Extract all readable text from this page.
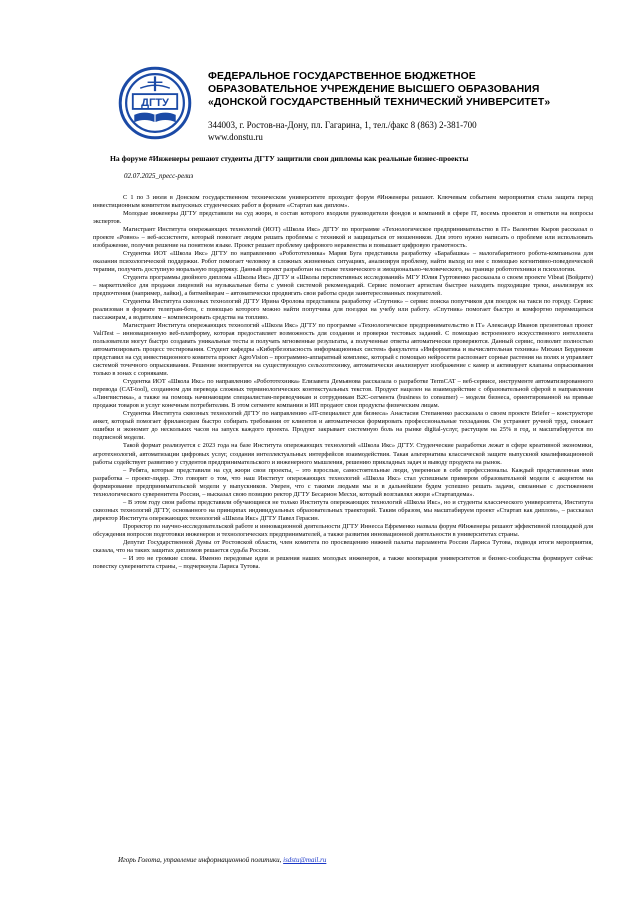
ДГТУ
ФЕДЕРАЛЬНОЕ ГОСУДАРСТВЕННОЕ БЮДЖЕТНОЕ
ОБРАЗОВАТЕЛЬНОЕ УЧРЕЖДЕНИЕ ВЫСШЕГО ОБРАЗОВАНИЯ
«ДОНСКОЙ ГОСУДАРСТВЕННЫЙ ТЕХНИЧЕСКИЙ УНИВЕРСИТЕТ»
344003, г. Ростов-на-Дону, пл. Гагарина, 1, тел./факс 8 (863) 2-381-700
www.donstu.ru
На форуме #Инженеры решают студенты ДГТУ защитили свои дипломы как реальные бизнес-проекты
02.07.2025_пресс-релиз

С 1 по 3 июля в Донском государственном техническом университете проходит форум #Инженеры решают. Ключевым событием мероприятия стала защита перед инвестиционным комитетом выпускных студенческих работ в формате «Стартап как диплом».

Молодые инженеры ДГТУ представили на суд жюри, в состав которого входили руководители фондов и компаний в сфере IT, восемь проектов и ответили на вопросы экспертов.

Магистрант Института опережающих технологий (ИОТ) «Школа Икс» ДГТУ по программе «Технологическое предпринимательство в IT» Валентин Кыров рассказал о проекте «Ровно» – веб-ассистенте, который помогает людям решать проблемы с техникой и защищаться от мошенников. Для этого нужно написать о проблеме или использовать изображение, получив решение на понятном языке. Проект решает проблему цифрового неравенства и повышает цифровую грамотность.

Студентка ИОТ «Школа Икс» ДГТУ по направлению «Робототехника» Мария Буга представила разработку «Барабашка» – малогабаритного робота-компаньона для оказания психологической поддержки. Робот помогает человеку в сложных жизненных ситуациях, анализируя проблему, найти выход из нее с помощью когнитивно-поведенческой терапии, получить доступную моральную поддержку. Данный проект разработан на стыке технического и эмоционально-человеческого, на границе робототехники и психологии.

Студента программы двойного диплома «Школы Икс» ДГТУ и «Школы перспективных исследований» МГУ Юлия Гуртовенко рассказала о своем проекте Vibeat (Войдите) – маркетплейсе для продажи лицензий на музыкальные биты с умной системой рекомендаций. Сервис помогает артистам быстрее находить подходящие треки, анализируя их предпочтения (например, лайки), а битмейкерам – автоматически продвигать свои работы среди заинтересованных покупателей.

Студентка Института сквозных технологий ДГТУ Ирина Фролова представила разработку «Спутник» – сервис поиска попутчиков для поездок на такси по городу. Сервис реализован в формате телеграм-бота, с помощью которого можно найти попутчика для поездки на учебу или работу. «Спутник» помогает быстро и комфортно перемещаться пассажирам, а водителям – компенсировать средства на топливо.

Магистрант Института опережающих технологий «Школа Икс» ДГТУ по программе «Технологическое предпринимательство в IT» Александр Иванов презентовал проект ValiTest – инновационную веб-платформу, которая предоставляет возможность для создания и проверки тестовых заданий. С помощью встроенного искусственного интеллекта пользователи могут быстро создавать уникальные тесты и получать мгновенные результаты, а полученные ответы автоматически проверяются. Данный сервис, позволит полностью автоматизировать процесс тестирования. Студент кафедры «Кибербезопасность информационных систем» факультета «Информатика и вычислительная техника» Михаил Бердников представил на суд инвестиционного комитета проект AgroVision – программно-аппаратный комплекс, который с помощью нейросети распознает сорные растения на полях и управляет системой точечного опрыскивания. Решение монтируется на существующую сельхозтехнику, автоматически анализирует изображение с камер и активирует клапаны опрыскивания только в зонах с сорняками.

Студентка ИОТ «Школа Икс» по направлению «Робототехника» Елизавета Демьянова рассказала о разработке TermCAT – веб-сервисе, инструменте автоматизированного перевода (CAT-tool), созданном для перевода сложных терминологических контекстуальных текстов. Продукт нацелен на взаимодействие с образовательной сферой в направлении «Лингвистика», а также на помощь начинающим специалистам-переводчикам и сотрудникам B2C-сегмента (business to consumer) – модели бизнеса, ориентированной на прямые продажи товаров и услуг конечным потребителям. В этом сегменте компании и ИП продают свои продукты физическим лицам.

Студентка Института сквозных технологий ДГТУ по направлению «IT-специалист для бизнеса» Анастасия Степаненко рассказала о своем проекте Briefer – конструкторе анкет, который помогает фрилансерам быстро собирать требования от клиентов и автоматически формировать профессиональные техзадания. Он устраняет ручной труд, снижает ошибки и экономит до нескольких часов на запуск каждого проекта. Продукт закрывает системную боль на рынке digital-услуг, растущем на 25% в год, и масштабируется по подписной модели.

Такой формат реализуется с 2023 года на базе Института опережающих технологий «Школа Икс» ДГТУ. Студенческие разработки лежат в сфере креативной экономики, агротехнологий, автоматизации цифровых услуг, создания интеллектуальных интерфейсов взаимодействия. Такая альтернатива классической защите выпускной квалификационной работы содействует развитию у студентов предпринимательского и инженерного мышления, решению прикладных задач и выводу продукта на рынок.

– Ребята, которые представили на суд жюри свои проекты, – это взрослые, самостоятельные люди, уверенные в себе профессионалы. Каждый представленная ими разработка – проект-лидер. Это говорит о том, что наш Институт опережающих технологий «Школа Икс» стал успешным примером образовательной модели с акцентом на формирование предпринимательской модели у выпускников. Уверен, что с такими людьми мы и в дальнейшем будем успешно решать задачи, связанные с достижением технологического суверенитета России, – высказал свою позицию ректор ДГТУ Бесарион Месхи, который возглавлял жюри «Стартапдема».

– В этом году свои работы представили обучающиеся не только Института опережающих технологий «Школа Икс», но и студенты классического университета, Института сквозных технологий ДГТУ, основанного на принципах индивидуальных образовательных траекторий. Таким образом, мы масштабируем проект «Стартап как диплом», – рассказал директор Института опережающих технологий «Школа Икс» ДГТУ Павел Герасин.

Проректор по научно-исследовательской работе и инновационной деятельности ДГТУ Иннесса Ефременко назвала форум #Инженеры решают эффективной площадкой для обсуждения вопросов подготовки инженеров и технологических предпринимателей, а также развития инновационной деятельности в университетах страны.

Депутат Государственной Думы от Ростовской области, член комитета по просвещению нижней палаты парламента России Лариса Тутова, подводя итоги мероприятия, сказала, что на таких защитах дипломов решается судьба России.

– И это не громкие слова. Именно передовые идеи и решения наших молодых инженеров, а также кооперация университетов и бизнес-сообщества формирует сейчас повестку суверенитета страны, – подчеркнула Лариса Тутова.

Игорь Голота, управление информационной политики, isdstu@mail.ru
